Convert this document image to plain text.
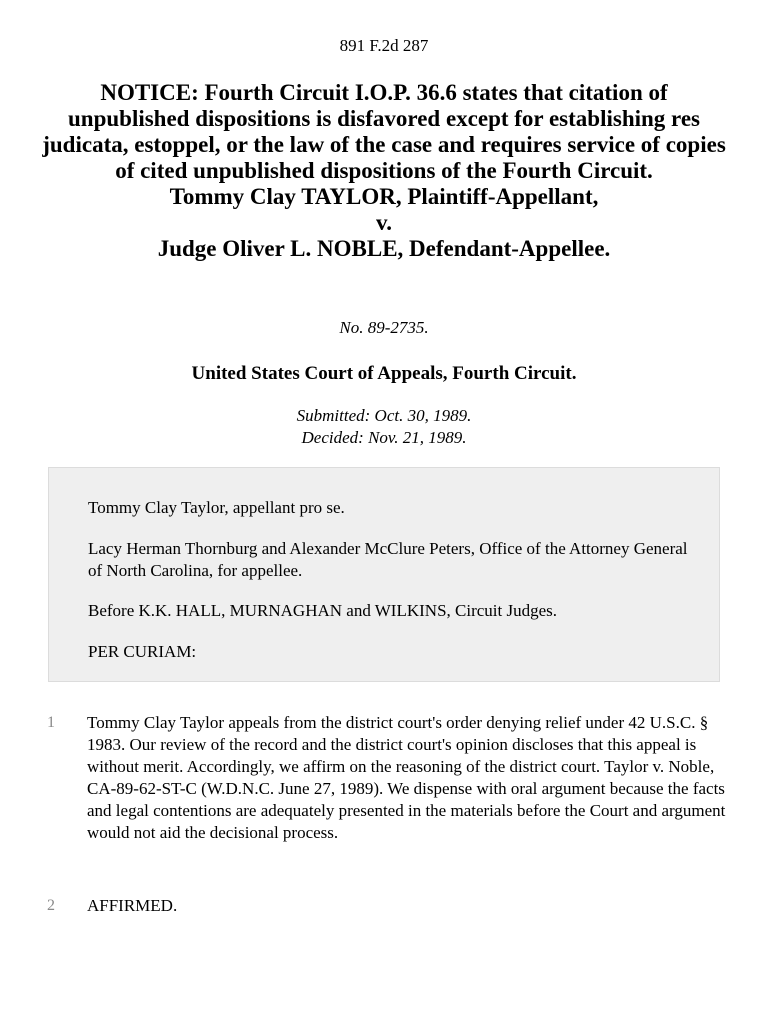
891 F.2d 287
NOTICE: Fourth Circuit I.O.P. 36.6 states that citation of unpublished dispositions is disfavored except for establishing res judicata, estoppel, or the law of the case and requires service of copies of cited unpublished dispositions of the Fourth Circuit.
Tommy Clay TAYLOR, Plaintiff-Appellant,
v.
Judge Oliver L. NOBLE, Defendant-Appellee.
No. 89-2735.
United States Court of Appeals, Fourth Circuit.
Submitted: Oct. 30, 1989.
Decided: Nov. 21, 1989.

Tommy Clay Taylor, appellant pro se.

Lacy Herman Thornburg and Alexander McClure Peters, Office of the Attorney General of North Carolina, for appellee.

Before K.K. HALL, MURNAGHAN and WILKINS, Circuit Judges.

PER CURIAM:

1 Tommy Clay Taylor appeals from the district court's order denying relief under 42 U.S.C. § 1983. Our review of the record and the district court's opinion discloses that this appeal is without merit. Accordingly, we affirm on the reasoning of the district court. Taylor v. Noble, CA-89-62-ST-C (W.D.N.C. June 27, 1989). We dispense with oral argument because the facts and legal contentions are adequately presented in the materials before the Court and argument would not aid the decisional process.

2 AFFIRMED.
